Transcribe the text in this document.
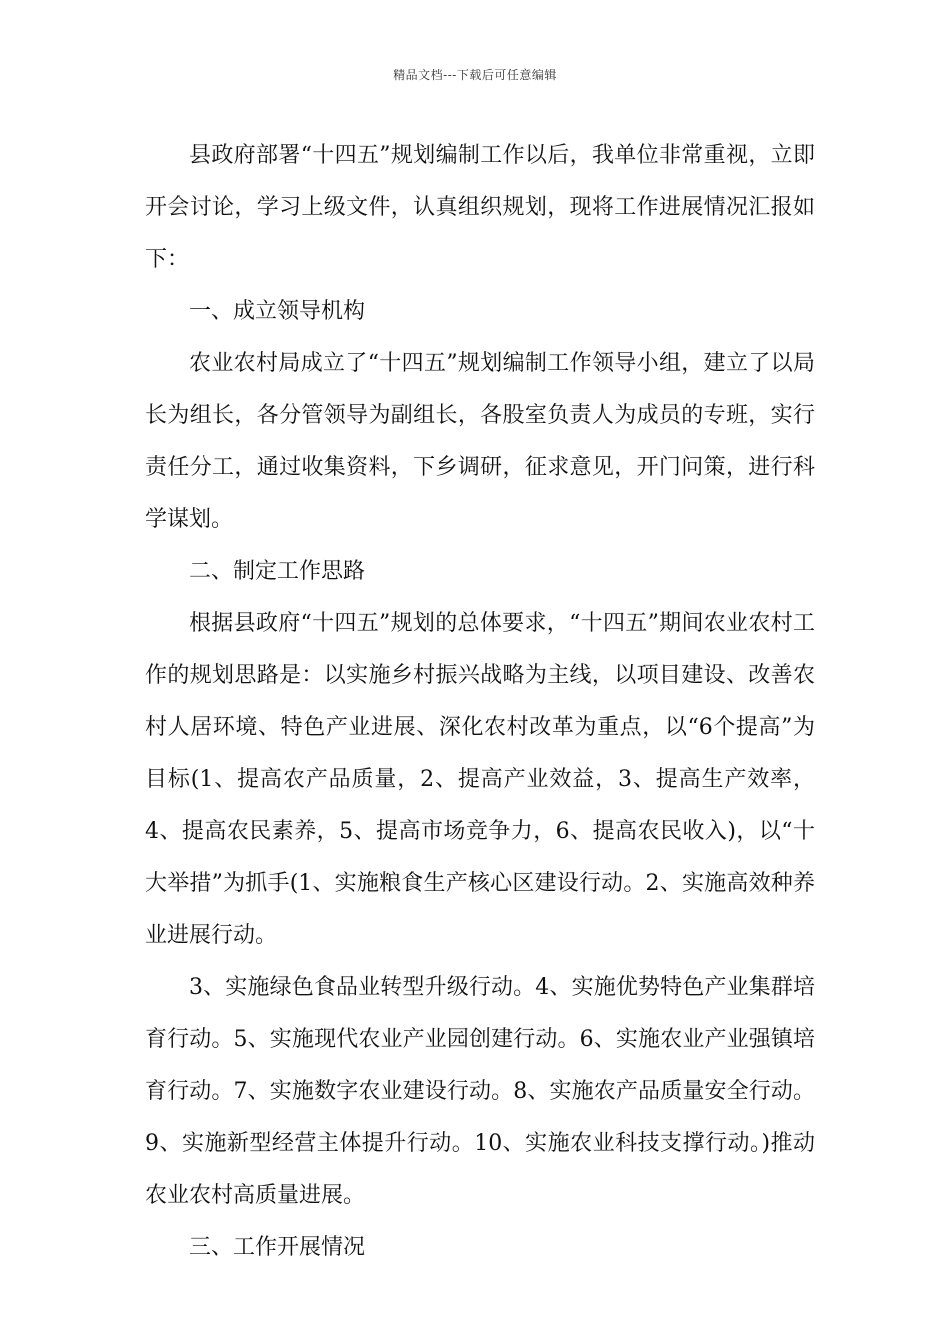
精品文档---下载后可任意编辑

县政府部署“十四五”规划编制工作以后，我单位非常重视，立即开会讨论，学习上级文件，认真组织规划，现将工作进展情况汇报如下：

一、成立领导机构

农业农村局成立了“十四五”规划编制工作领导小组，建立了以局长为组长，各分管领导为副组长，各股室负责人为成员的专班，实行责任分工，通过收集资料，下乡调研，征求意见，开门问策，进行科学谋划。

二、制定工作思路

根据县政府“十四五”规划的总体要求，“十四五”期间农业农村工作的规划思路是：以实施乡村振兴战略为主线，以项目建设、改善农村人居环境、特色产业进展、深化农村改革为重点，以“6个提高”为目标(1、提高农产品质量，2、提高产业效益，3、提高生产效率，4、提高农民素养，5、提高市场竞争力，6、提高农民收入)，以“十大举措”为抓手(1、实施粮食生产核心区建设行动。2、实施高效种养业进展行动。

3、实施绿色食品业转型升级行动。4、实施优势特色产业集群培育行动。5、实施现代农业产业园创建行动。6、实施农业产业强镇培育行动。7、实施数字农业建设行动。8、实施农产品质量安全行动。9、实施新型经营主体提升行动。10、实施农业科技支撑行动。)推动农业农村高质量进展。

三、工作开展情况
